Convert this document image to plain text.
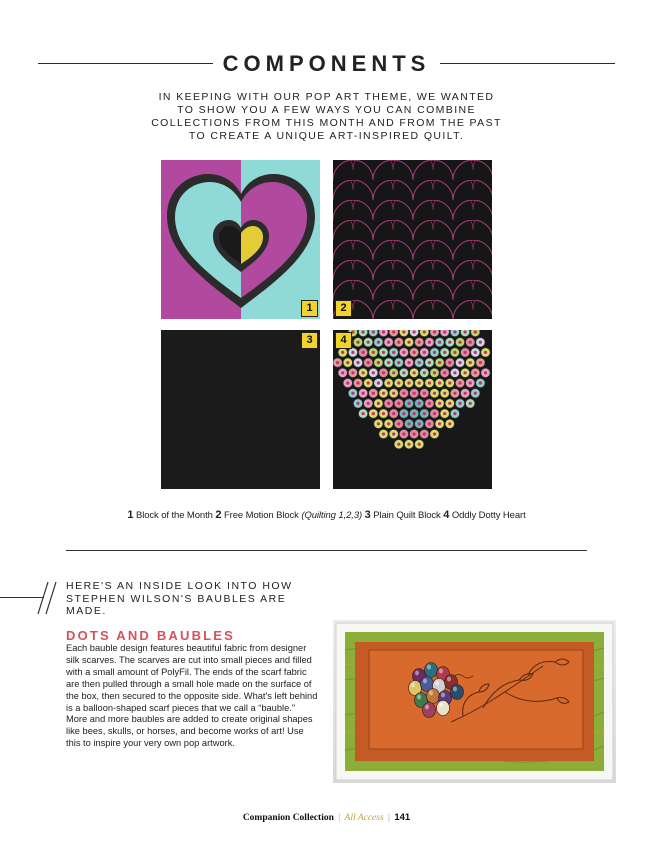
COMPONENTS
IN KEEPING WITH OUR POP ART THEME, WE WANTED TO SHOW YOU A FEW WAYS YOU CAN COMBINE COLLECTIONS FROM THIS MONTH AND FROM THE PAST TO CREATE A UNIQUE ART-INSPIRED QUILT.
1	2
3	4
1 Block of the Month 2 Free Motion Block (Quilting 1,2,3) 3 Plain Quilt Block 4 Oddly Dotty Heart
HERE'S AN INSIDE LOOK INTO HOW STEPHEN WILSON'S BAUBLES ARE MADE.
DOTS AND BAUBLES
Each bauble design features beautiful fabric from designer silk scarves. The scarves are cut into small pieces and filled with a small amount of PolyFil. The ends of the scarf fabric are then pulled through a small hole made on the surface of the box, then secured to the opposite side. What's left behind is a balloon-shaped scarf pieces that we call a “bauble.” More and more baubles are added to create original shapes like bees, skulls, or horses, and become works of art! Use this to inspire your very own pop artwork.
Companion Collection | All Access | 141
